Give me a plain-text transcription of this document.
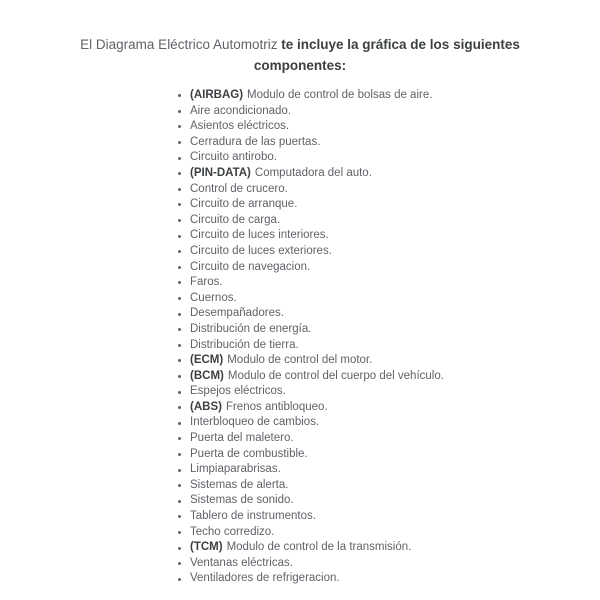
El Diagrama Eléctrico Automotriz te incluye la gráfica de los siguientes componentes:

(AIRBAG) Modulo de control de bolsas de aire.
Aire acondicionado.
Asientos eléctricos.
Cerradura de las puertas.
Circuito antirobo.
(PIN-DATA) Computadora del auto.
Control de crucero.
Circuito de arranque.
Circuito de carga.
Circuito de luces interiores.
Circuito de luces exteriores.
Circuito de navegacion.
Faros.
Cuernos.
Desempañadores.
Distribución de energía.
Distribución de tierra.
(ECM) Modulo de control del motor.
(BCM) Modulo de control del cuerpo del vehículo.
Espejos eléctricos.
(ABS) Frenos antibloqueo.
Interbloqueo de cambios.
Puerta del maletero.
Puerta de combustible.
Limpiaparabrisas.
Sistemas de alerta.
Sistemas de sonido.
Tablero de instrumentos.
Techo corredizo.
(TCM) Modulo de control de la transmisión.
Ventanas eléctricas.
Ventiladores de refrigeracion.
